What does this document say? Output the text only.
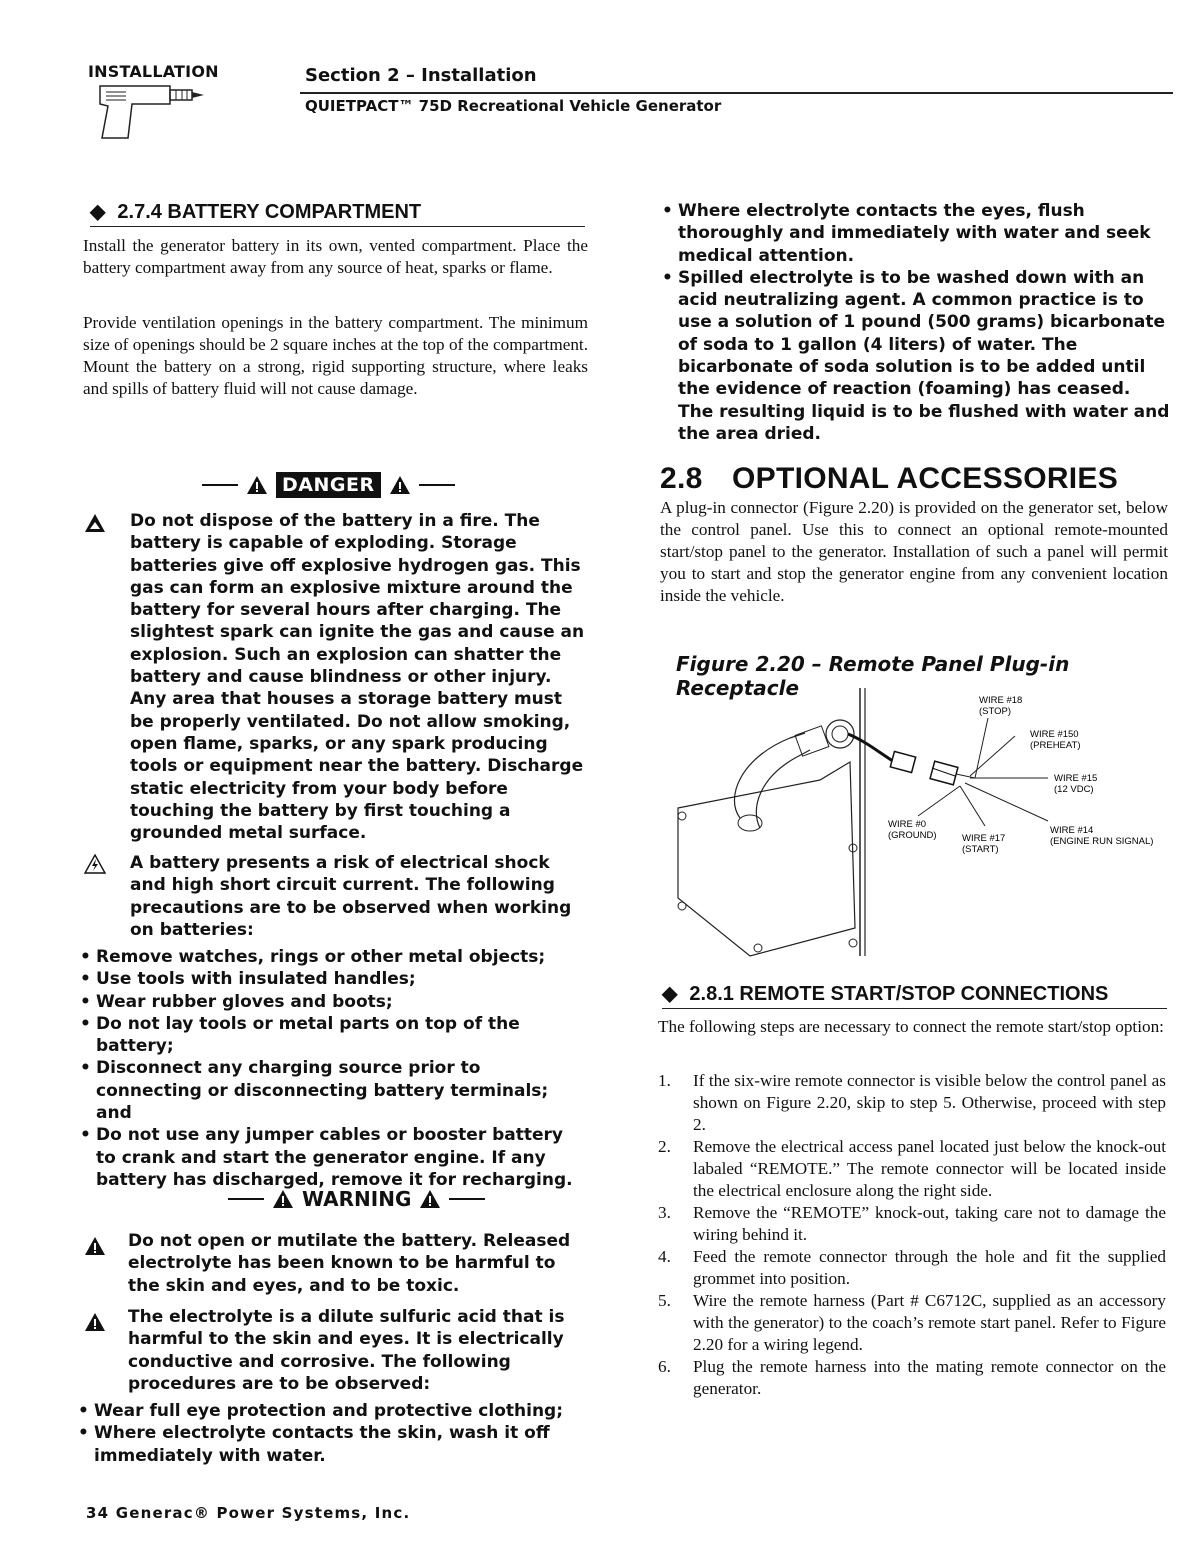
INSTALLATION	Section 2 – Installation
QUIETPACT™ 75D Recreational Vehicle Generator
◆ 2.7.4 BATTERY COMPARTMENT
Install the generator battery in its own, vented compartment. Place the battery compartment away from any source of heat, sparks or flame.
Provide ventilation openings in the battery compartment. The minimum size of openings should be 2 square inches at the top of the compartment. Mount the battery on a strong, rigid supporting structure, where leaks and spills of battery fluid will not cause damage.
DANGER
Do not dispose of the battery in a fire. The battery is capable of exploding. Storage batteries give off explosive hydrogen gas. This gas can form an explosive mixture around the battery for several hours after charging. The slightest spark can ignite the gas and cause an explosion. Such an explosion can shatter the battery and cause blindness or other injury. Any area that houses a storage battery must be properly ventilated. Do not allow smoking, open flame, sparks, or any spark producing tools or equipment near the battery. Discharge static electricity from your body before touching the battery by first touching a grounded metal surface.
A battery presents a risk of electrical shock and high short circuit current. The following precautions are to be observed when working on batteries:
• Remove watches, rings or other metal objects;
• Use tools with insulated handles;
• Wear rubber gloves and boots;
• Do not lay tools or metal parts on top of the battery;
• Disconnect any charging source prior to connecting or disconnecting battery terminals; and
• Do not use any jumper cables or booster battery to crank and start the generator engine. If any battery has discharged, remove it for recharging.
WARNING
Do not open or mutilate the battery. Released electrolyte has been known to be harmful to the skin and eyes, and to be toxic.
The electrolyte is a dilute sulfuric acid that is harmful to the skin and eyes. It is electrically conductive and corrosive. The following procedures are to be observed:
• Wear full eye protection and protective clothing;
• Where electrolyte contacts the skin, wash it off immediately with water.
• Where electrolyte contacts the eyes, flush thoroughly and immediately with water and seek medical attention.
• Spilled electrolyte is to be washed down with an acid neutralizing agent. A common practice is to use a solution of 1 pound (500 grams) bicarbonate of soda to 1 gallon (4 liters) of water. The bicarbonate of soda solution is to be added until the evidence of reaction (foaming) has ceased. The resulting liquid is to be flushed with water and the area dried.
2.8 OPTIONAL ACCESSORIES
A plug-in connector (Figure 2.20) is provided on the generator set, below the control panel. Use this to connect an optional remote-mounted start/stop panel to the generator. Installation of such a panel will permit you to start and stop the generator engine from any convenient location inside the vehicle.
Figure 2.20 – Remote Panel Plug-in Receptacle
WIRE #18
(STOP)
WIRE #150
(PREHEAT)
WIRE #15
(12 VDC)
WIRE #0
(GROUND)	WIRE #17
(START)
WIRE #14
(ENGINE RUN SIGNAL)
◆ 2.8.1 REMOTE START/STOP CONNECTIONS
The following steps are necessary to connect the remote start/stop option:
1. If the six-wire remote connector is visible below the control panel as shown on Figure 2.20, skip to step 5. Otherwise, proceed with step 2.
2. Remove the electrical access panel located just below the knock-out labaled “REMOTE.” The remote connector will be located inside the electrical enclosure along the right side.
3. Remove the “REMOTE” knock-out, taking care not to damage the wiring behind it.
4. Feed the remote connector through the hole and fit the supplied grommet into position.
5. Wire the remote harness (Part # C6712C, supplied as an accessory with the generator) to the coach’s remote start panel. Refer to Figure 2.20 for a wiring legend.
6. Plug the remote harness into the mating remote connector on the generator.
34 Generac® Power Systems, Inc.
